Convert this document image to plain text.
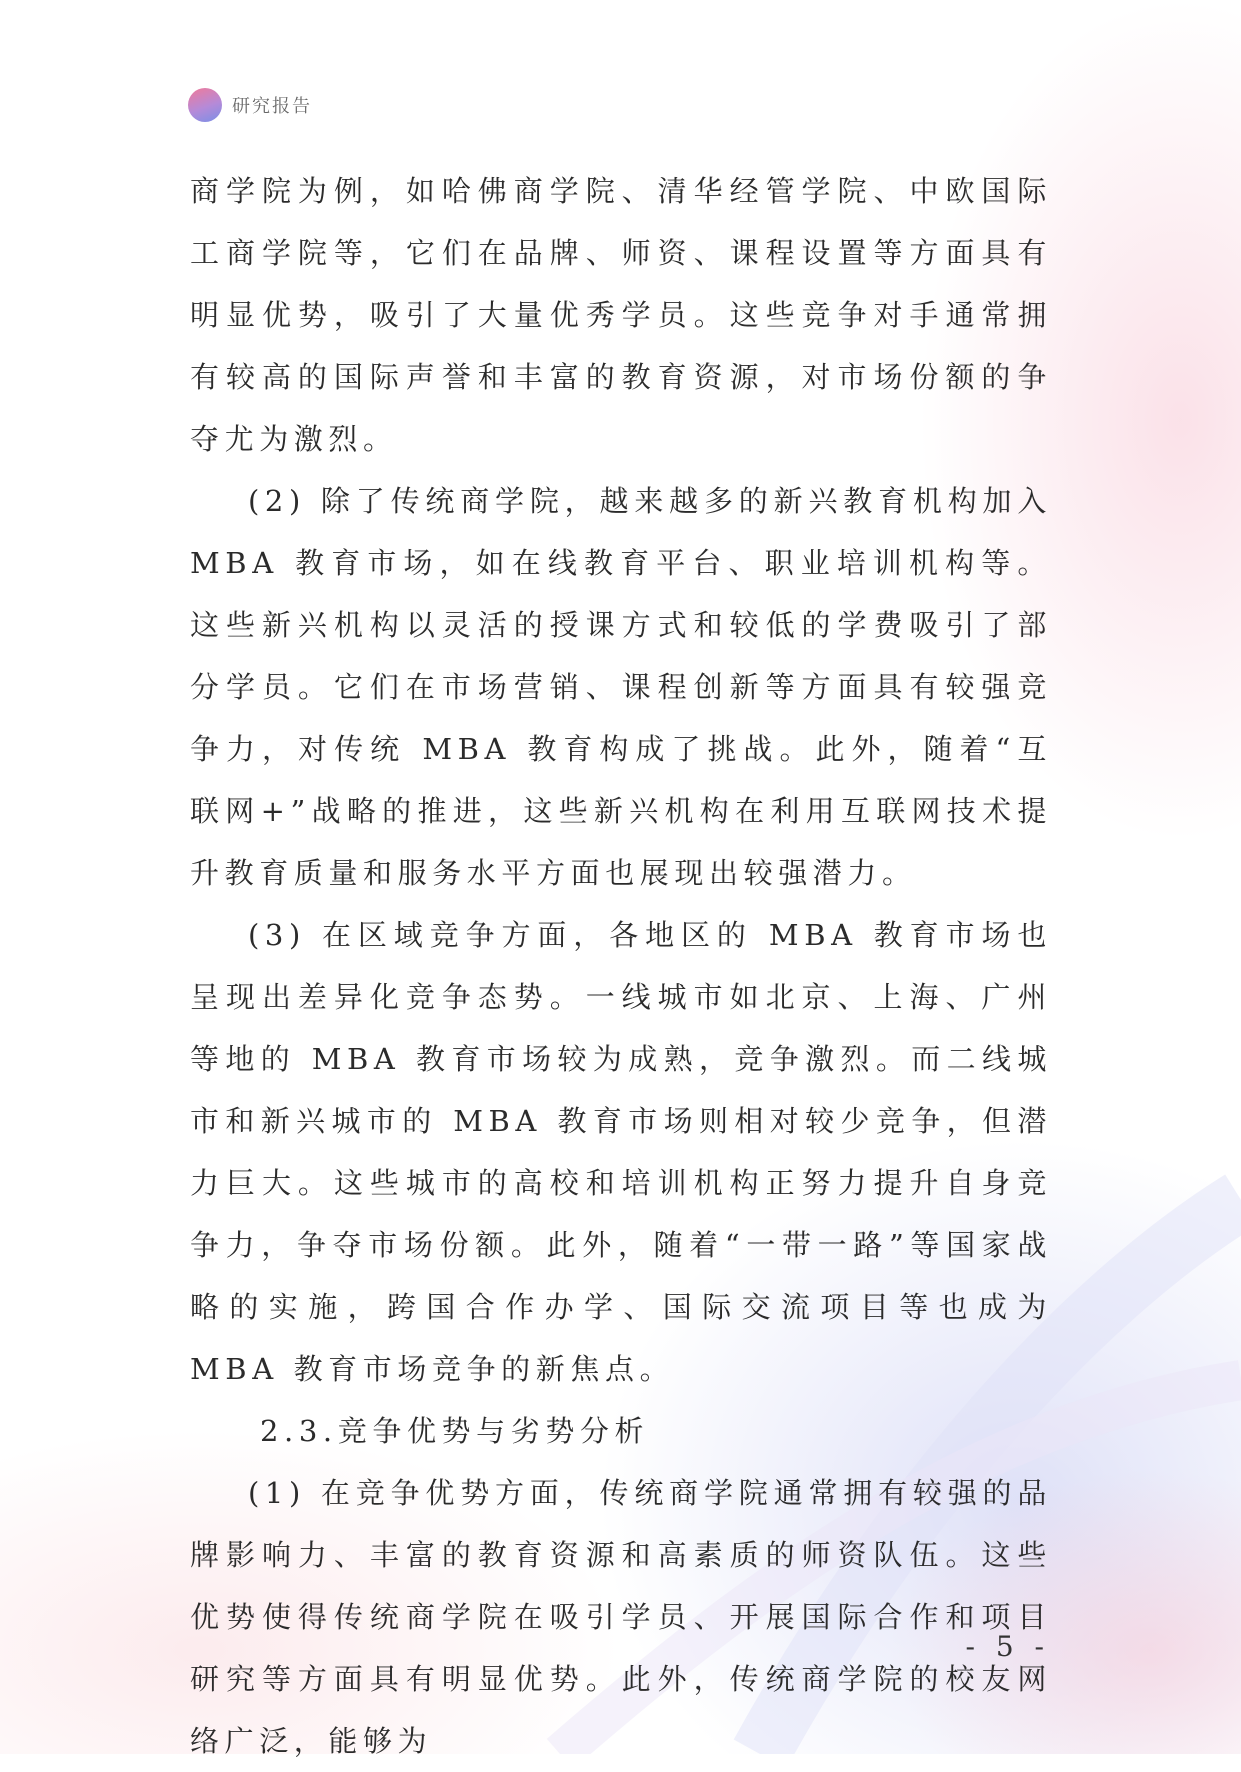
研究报告

商学院为例，如哈佛商学院、清华经管学院、中欧国际工商学院等，它们在品牌、师资、课程设置等方面具有明显优势，吸引了大量优秀学员。这些竞争对手通常拥有较高的国际声誉和丰富的教育资源，对市场份额的争夺尤为激烈。

(2) 除了传统商学院，越来越多的新兴教育机构加入MBA 教育市场，如在线教育平台、职业培训机构等。这些新兴机构以灵活的授课方式和较低的学费吸引了部分学员。它们在市场营销、课程创新等方面具有较强竞争力，对传统 MBA 教育构成了挑战。此外，随着“互联网+”战略的推进，这些新兴机构在利用互联网技术提升教育质量和服务水平方面也展现出较强潜力。

(3) 在区域竞争方面，各地区的 MBA 教育市场也呈现出差异化竞争态势。一线城市如北京、上海、广州等地的 MBA 教育市场较为成熟，竞争激烈。而二线城市和新兴城市的 MBA 教育市场则相对较少竞争，但潜力巨大。这些城市的高校和培训机构正努力提升自身竞争力，争夺市场份额。此外，随着“一带一路”等国家战略的实施，跨国合作办学、国际交流项目等也成为 MBA 教育市场竞争的新焦点。

2.3.竞争优势与劣势分析

(1) 在竞争优势方面，传统商学院通常拥有较强的品牌影响力、丰富的教育资源和高素质的师资队伍。这些优势使得传统商学院在吸引学员、开展国际合作和项目研究等方面具有明显优势。此外，传统商学院的校友网络广泛，能够为

- 5 -
